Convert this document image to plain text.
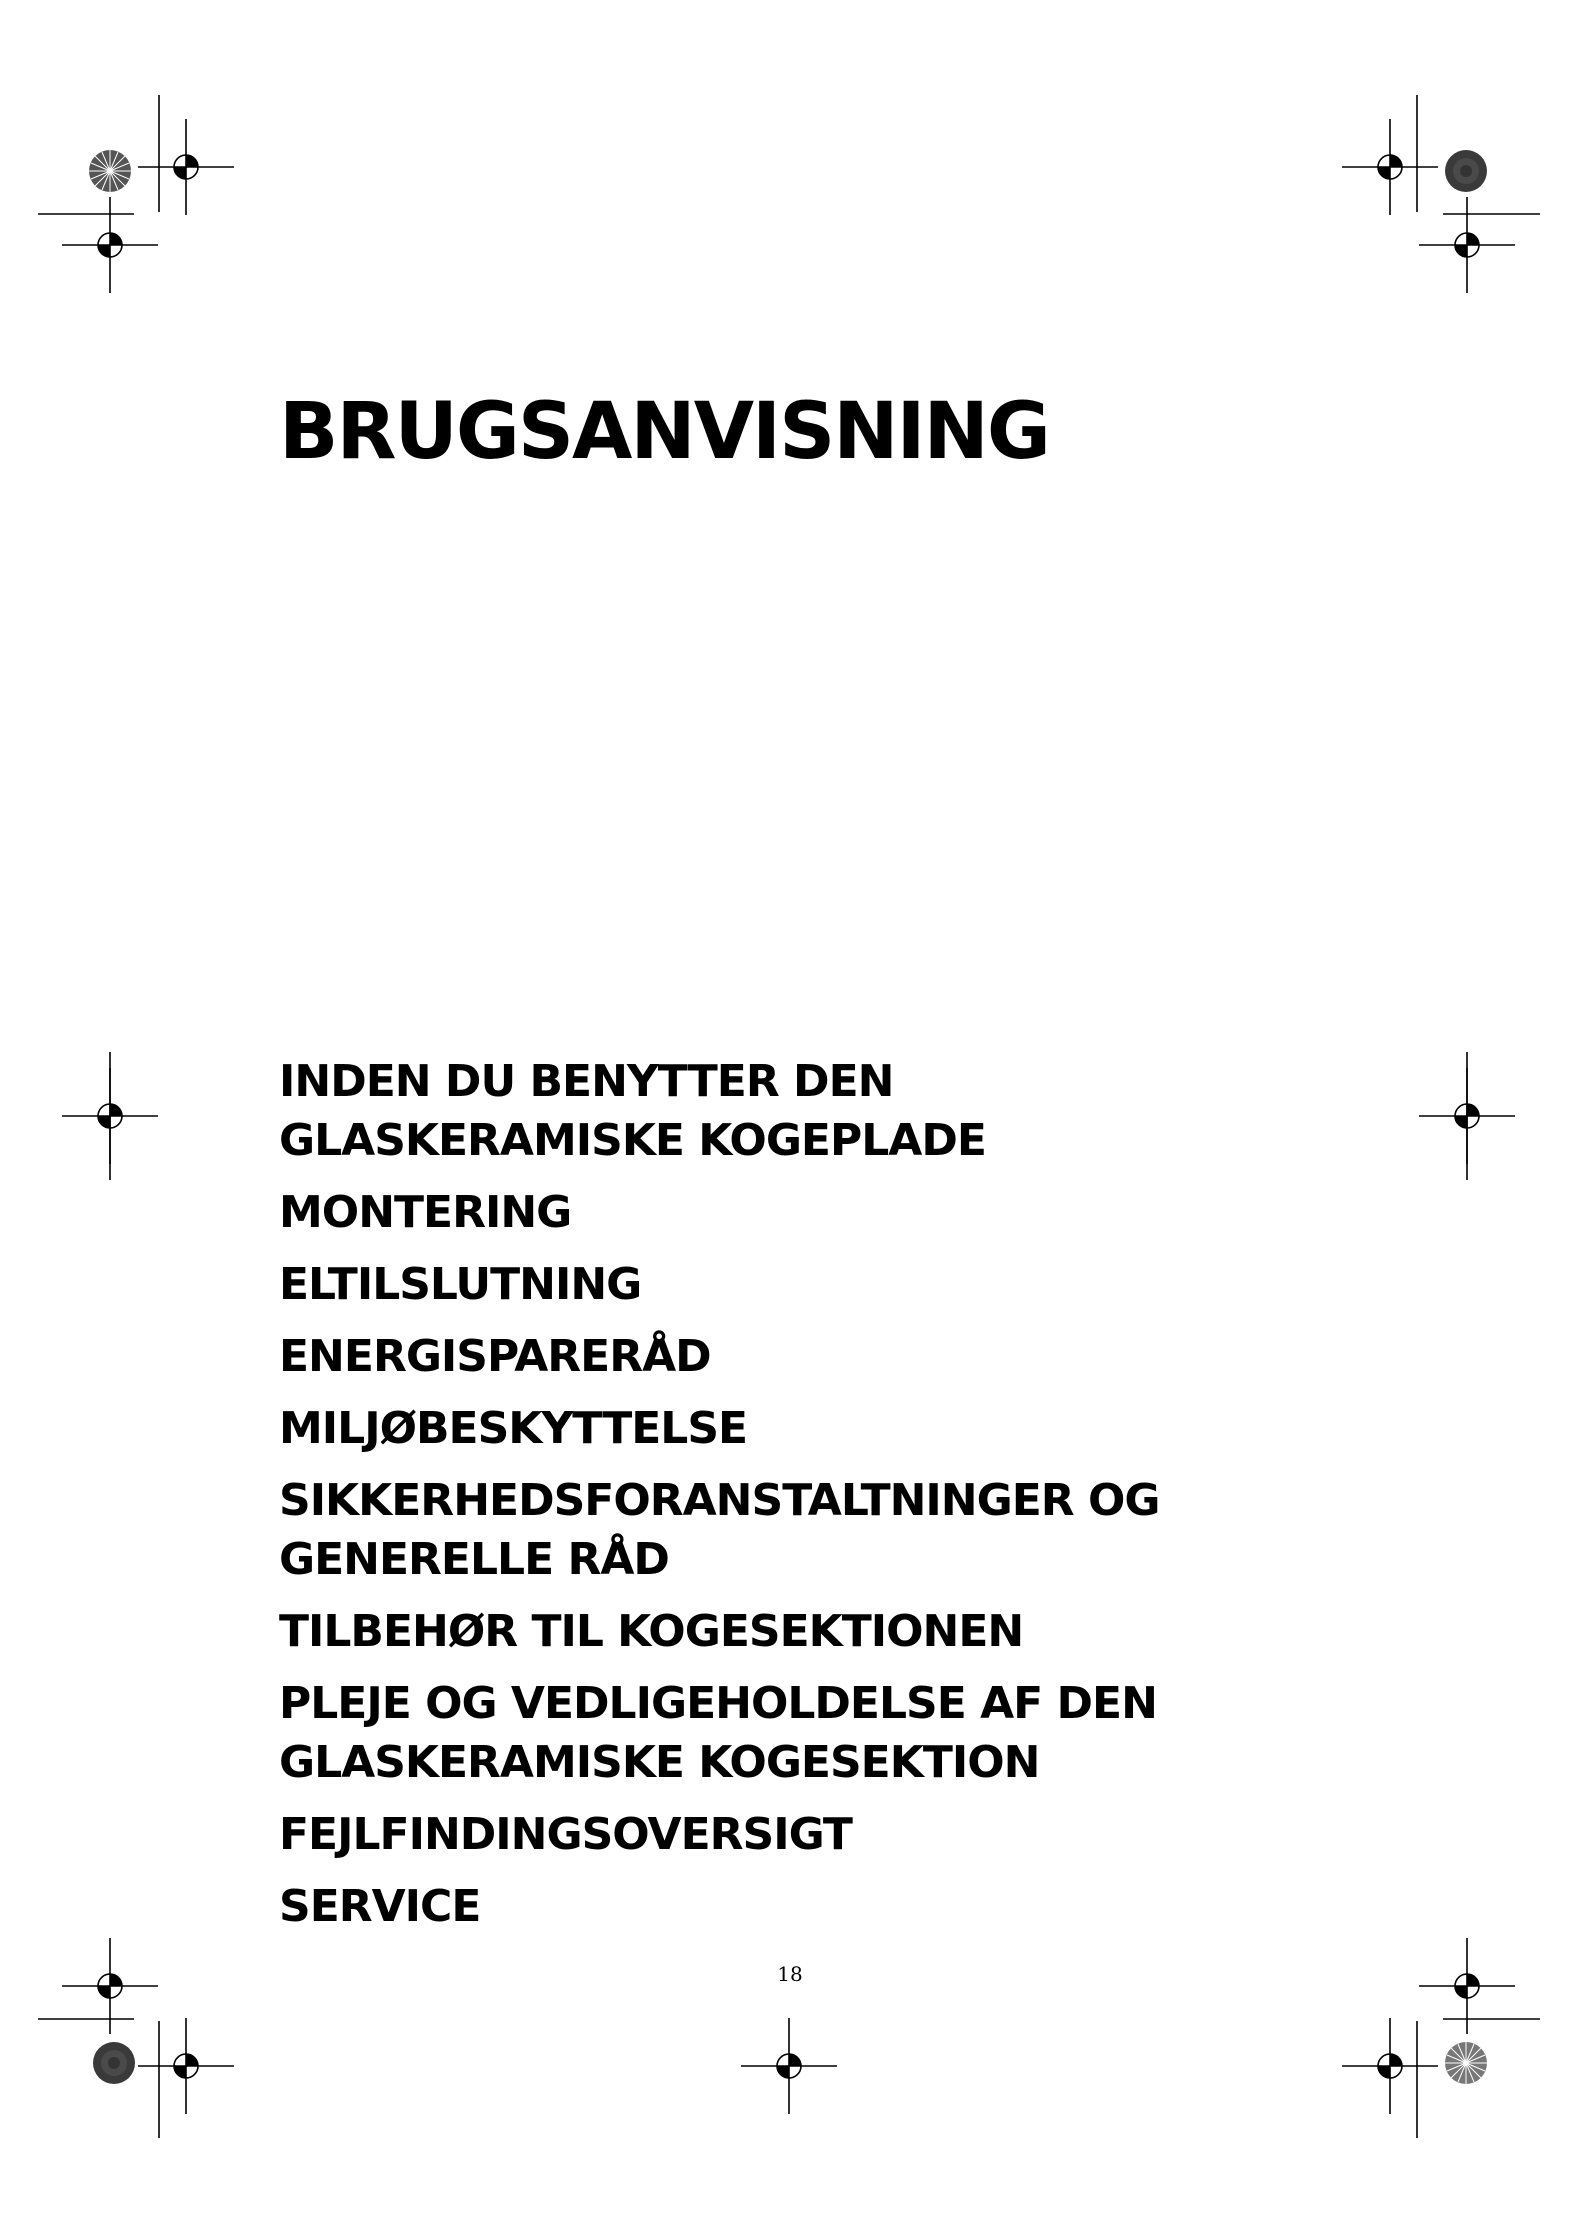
BRUGSANVISNING
INDEN DU BENYTTER DEN
GLASKERAMISKE KOGEPLADE
MONTERING
ELTILSLUTNING
ENERGISPARERÅD
MILJØBESKYTTELSE
SIKKERHEDSFORANSTALTNINGER OG
GENERELLE RÅD
TILBEHØR TIL KOGESEKTIONEN
PLEJE OG VEDLIGEHOLDELSE AF DEN
GLASKERAMISKE KOGESEKTION
FEJLFINDINGSOVERSIGT
SERVICE
18
